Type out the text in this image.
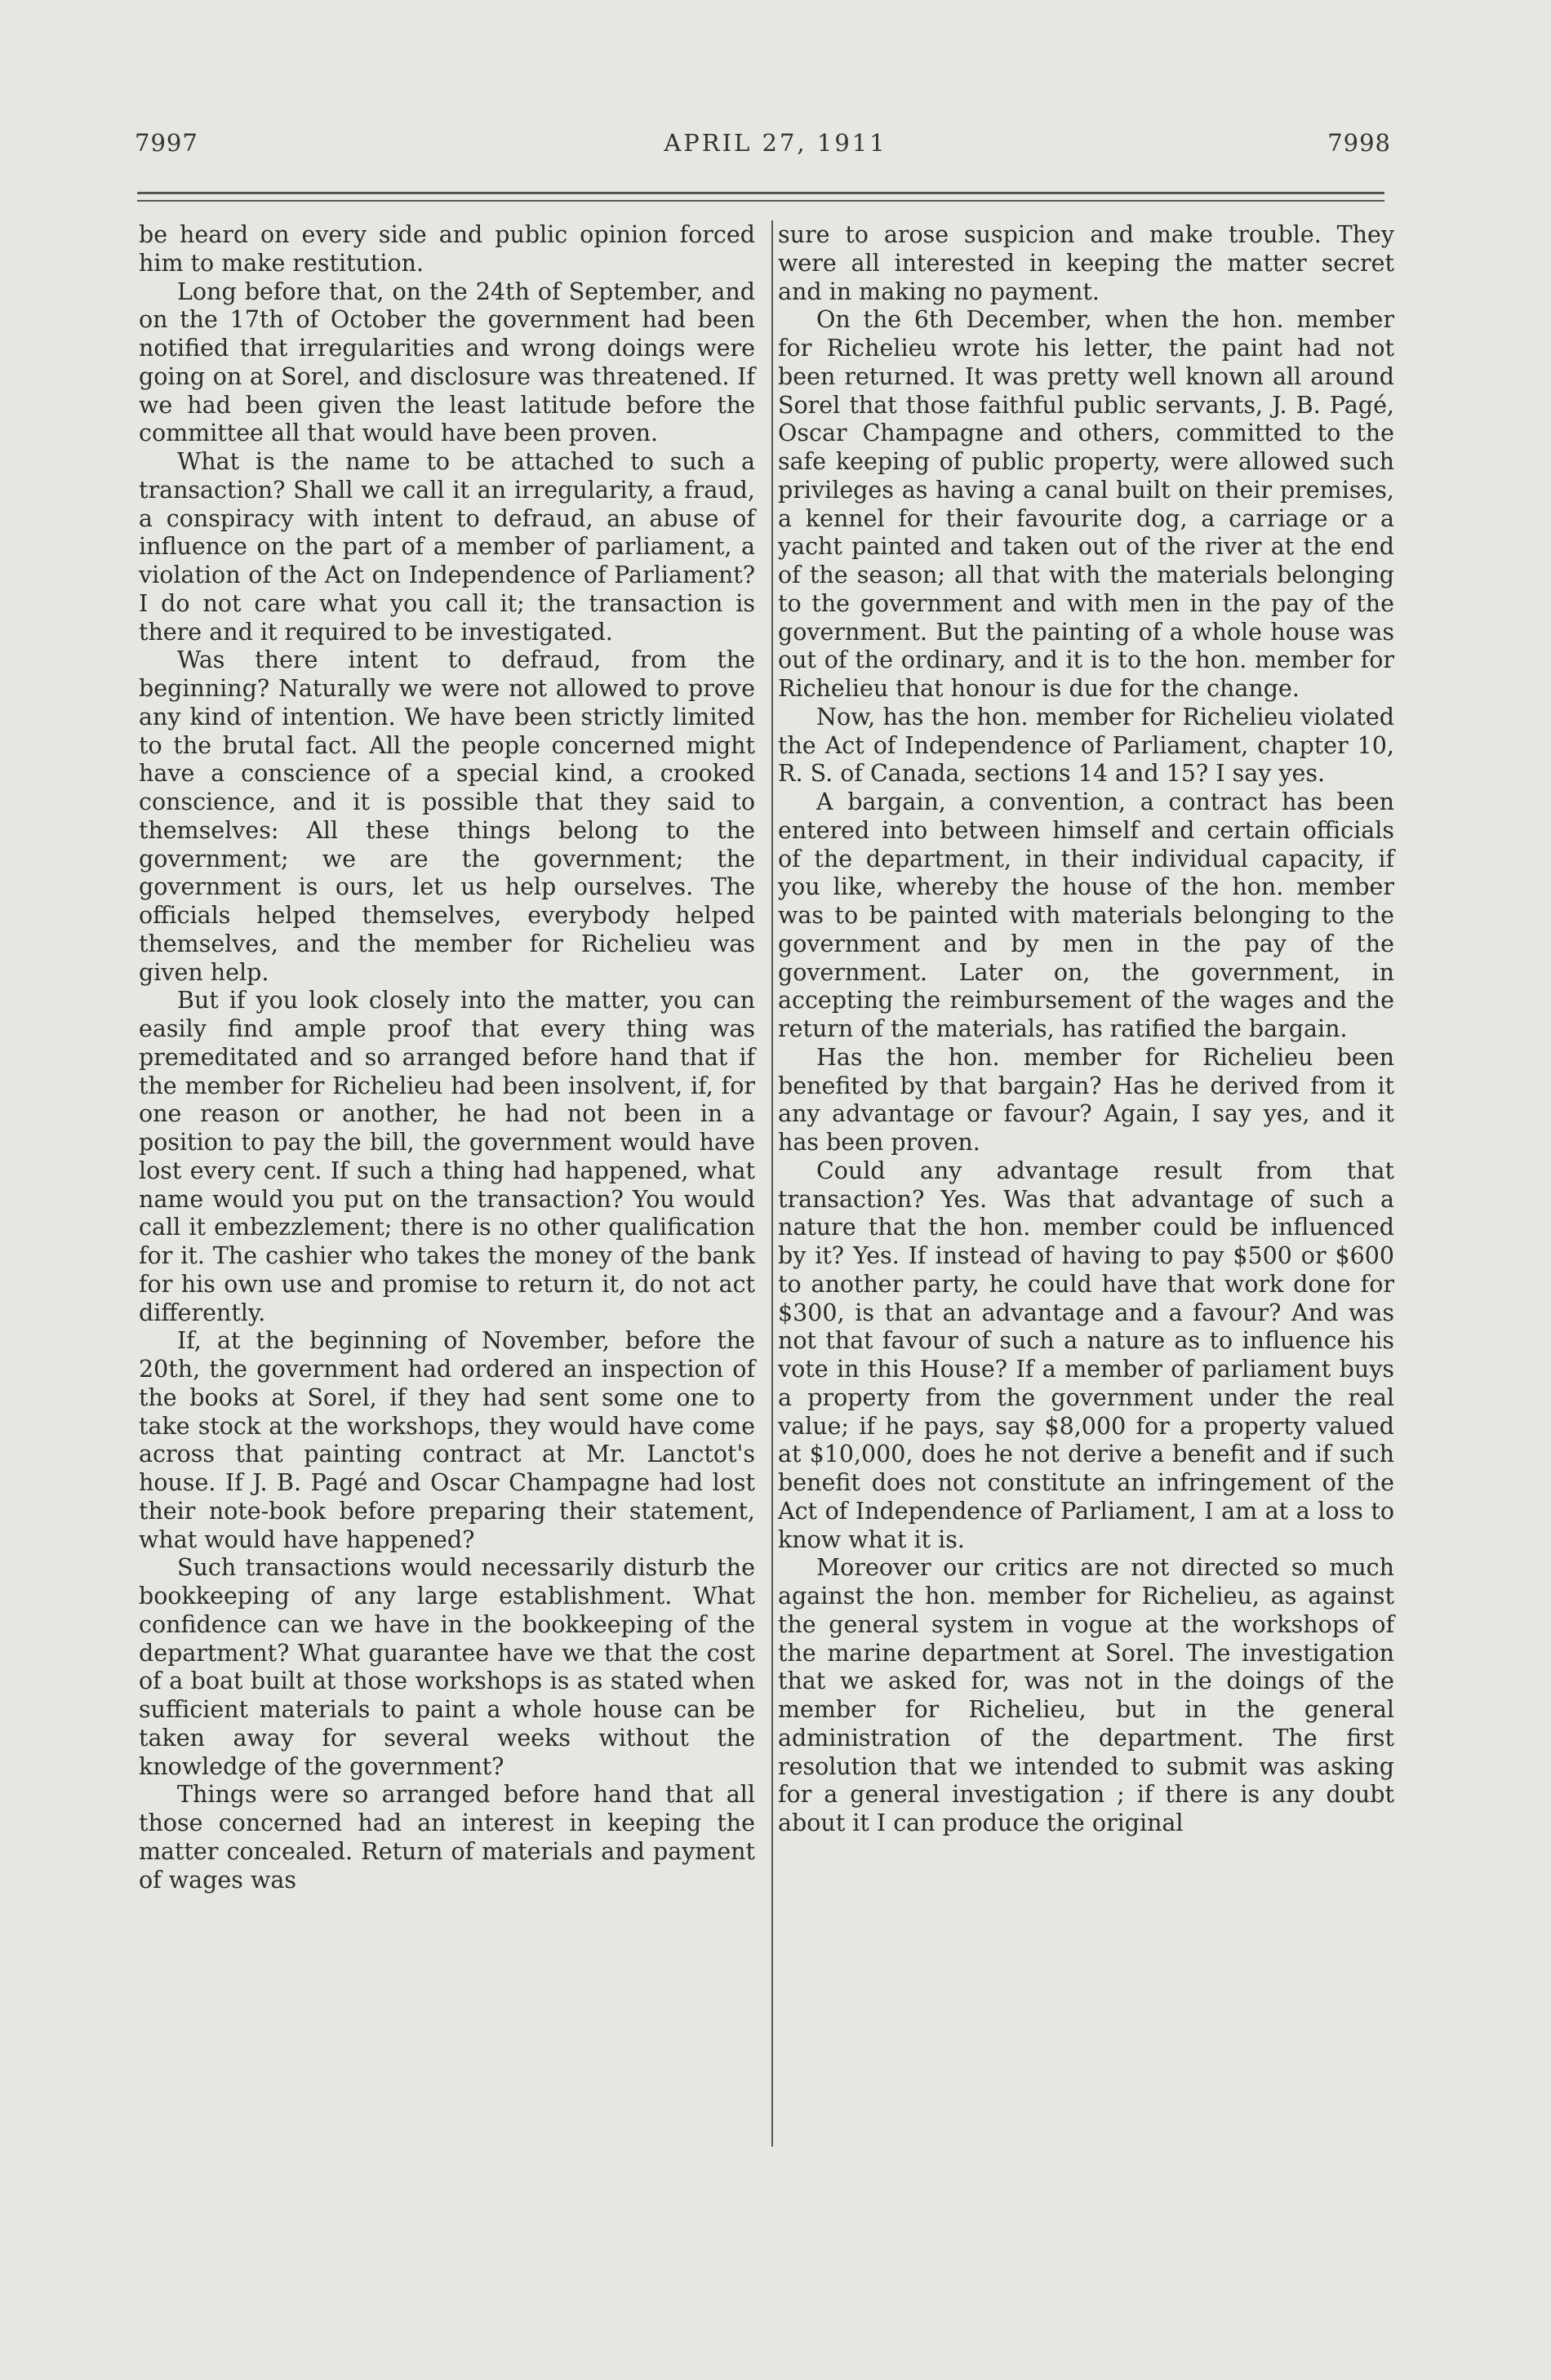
7997	APRIL 27, 1911	7998

be heard on every side and public opinion forced him to make restitution.

Long before that, on the 24th of September, and on the 17th of October the government had been notified that irregularities and wrong doings were going on at Sorel, and disclosure was threatened. If we had been given the least latitude before the committee all that would have been proven.

What is the name to be attached to such a transaction? Shall we call it an irregularity, a fraud, a conspiracy with intent to defraud, an abuse of influence on the part of a member of parliament, a violation of the Act on Independence of Parliament? I do not care what you call it; the transaction is there and it required to be investigated.

Was there intent to defraud, from the beginning? Naturally we were not allowed to prove any kind of intention. We have been strictly limited to the brutal fact. All the people concerned might have a conscience of a special kind, a crooked conscience, and it is possible that they said to themselves: All these things belong to the government; we are the government; the government is ours, let us help ourselves. The officials helped themselves, everybody helped themselves, and the member for Richelieu was given help.

But if you look closely into the matter, you can easily find ample proof that every thing was premeditated and so arranged before hand that if the member for Richelieu had been insolvent, if, for one reason or another, he had not been in a position to pay the bill, the government would have lost every cent. If such a thing had happened, what name would you put on the transaction? You would call it embezzlement; there is no other qualification for it. The cashier who takes the money of the bank for his own use and promise to return it, do not act differently.

If, at the beginning of November, before the 20th, the government had ordered an inspection of the books at Sorel, if they had sent some one to take stock at the workshops, they would have come across that painting contract at Mr. Lanctot's house. If J. B. Pagé and Oscar Champagne had lost their note-book before preparing their statement, what would have happened?

Such transactions would necessarily disturb the bookkeeping of any large establishment. What confidence can we have in the bookkeeping of the department? What guarantee have we that the cost of a boat built at those workshops is as stated when sufficient materials to paint a whole house can be taken away for several weeks without the knowledge of the government?

Things were so arranged before hand that all those concerned had an interest in keeping the matter concealed. Return of materials and payment of wages was

sure to arose suspicion and make trouble. They were all interested in keeping the matter secret and in making no payment.

On the 6th December, when the hon. member for Richelieu wrote his letter, the paint had not been returned. It was pretty well known all around Sorel that those faithful public servants, J. B. Pagé, Oscar Champagne and others, committed to the safe keeping of public property, were allowed such privileges as having a canal built on their premises, a kennel for their favourite dog, a carriage or a yacht painted and taken out of the river at the end of the season; all that with the materials belonging to the government and with men in the pay of the government. But the painting of a whole house was out of the ordinary, and it is to the hon. member for Richelieu that honour is due for the change.

Now, has the hon. member for Richelieu violated the Act of Independence of Parliament, chapter 10, R. S. of Canada, sections 14 and 15? I say yes.

A bargain, a convention, a contract has been entered into between himself and certain officials of the department, in their individual capacity, if you like, whereby the house of the hon. member was to be painted with materials belonging to the government and by men in the pay of the government. Later on, the government, in accepting the reimbursement of the wages and the return of the materials, has ratified the bargain.

Has the hon. member for Richelieu been benefited by that bargain? Has he derived from it any advantage or favour? Again, I say yes, and it has been proven.

Could any advantage result from that transaction? Yes. Was that advantage of such a nature that the hon. member could be influenced by it? Yes. If instead of having to pay $500 or $600 to another party, he could have that work done for $300, is that an advantage and a favour? And was not that favour of such a nature as to influence his vote in this House? If a member of parliament buys a property from the government under the real value; if he pays, say $8,000 for a property valued at $10,000, does he not derive a benefit and if such benefit does not constitute an infringement of the Act of Independence of Parliament, I am at a loss to know what it is.

Moreover our critics are not directed so much against the hon. member for Richelieu, as against the general system in vogue at the workshops of the marine department at Sorel. The investigation that we asked for, was not in the doings of the member for Richelieu, but in the general administration of the department. The first resolution that we intended to submit was asking for a general investigation ; if there is any doubt about it I can produce the original
